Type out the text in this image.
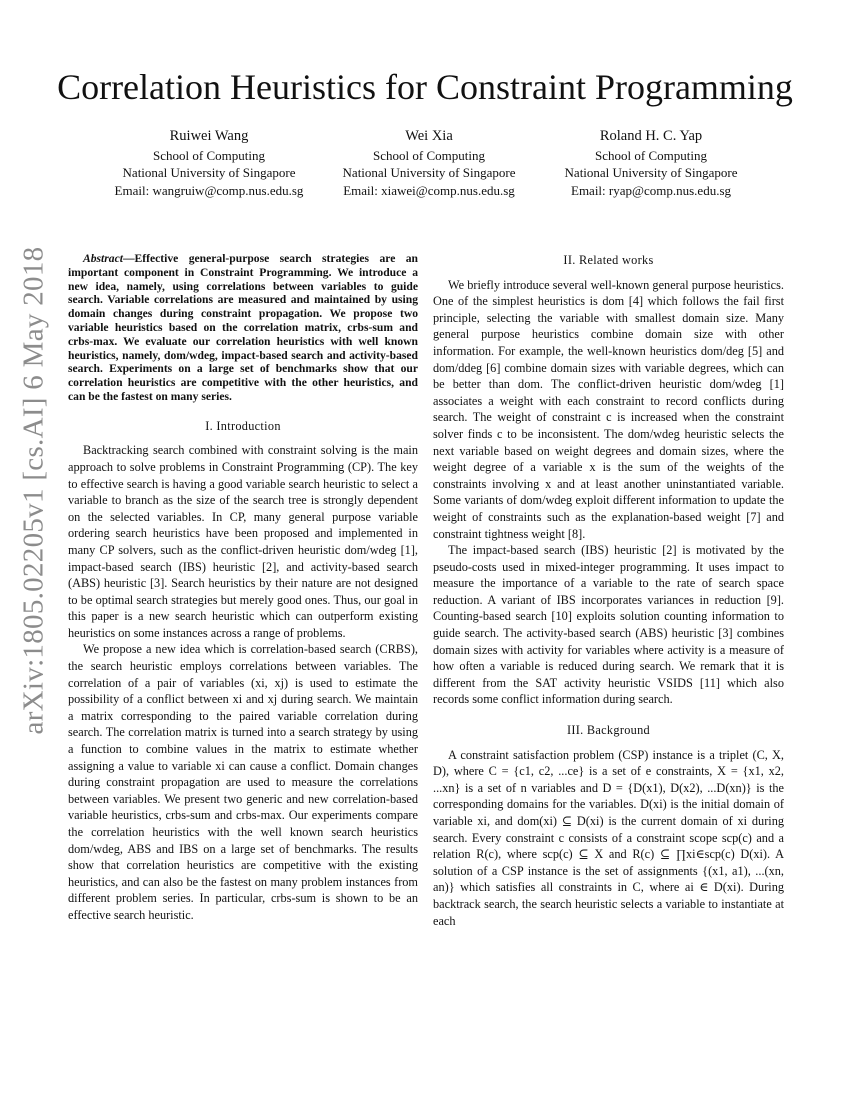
arXiv:1805.02205v1 [cs.AI] 6 May 2018
Correlation Heuristics for Constraint Programming
Ruiwei Wang
School of Computing
National University of Singapore
Email: wangruiw@comp.nus.edu.sg
Wei Xia
School of Computing
National University of Singapore
Email: xiawei@comp.nus.edu.sg
Roland H. C. Yap
School of Computing
National University of Singapore
Email: ryap@comp.nus.edu.sg

Abstract—Effective general-purpose search strategies are an important component in Constraint Programming. We introduce a new idea, namely, using correlations between variables to guide search. Variable correlations are measured and maintained by using domain changes during constraint propagation. We propose two variable heuristics based on the correlation matrix, crbs-sum and crbs-max. We evaluate our correlation heuristics with well known heuristics, namely, dom/wdeg, impact-based search and activity-based search. Experiments on a large set of benchmarks show that our correlation heuristics are competitive with the other heuristics, and can be the fastest on many series.

I. Introduction

Backtracking search combined with constraint solving is the main approach to solve problems in Constraint Programming (CP). The key to effective search is having a good variable search heuristic to select a variable to branch as the size of the search tree is strongly dependent on the selected variables. In CP, many general purpose variable ordering search heuristics have been proposed and implemented in many CP solvers, such as the conflict-driven heuristic dom/wdeg [1], impact-based search (IBS) heuristic [2], and activity-based search (ABS) heuristic [3]. Search heuristics by their nature are not designed to be optimal search strategies but merely good ones. Thus, our goal in this paper is a new search heuristic which can outperform existing heuristics on some instances across a range of problems.

We propose a new idea which is correlation-based search (CRBS), the search heuristic employs correlations between variables. The correlation of a pair of variables (xi, xj) is used to estimate the possibility of a conflict between xi and xj during search. We maintain a matrix corresponding to the paired variable correlation during search. The correlation matrix is turned into a search strategy by using a function to combine values in the matrix to estimate whether assigning a value to variable xi can cause a conflict. Domain changes during constraint propagation are used to measure the correlations between variables. We present two generic and new correlation-based variable heuristics, crbs-sum and crbs-max. Our experiments compare the correlation heuristics with the well known search heuristics dom/wdeg, ABS and IBS on a large set of benchmarks. The results show that correlation heuristics are competitive with the existing heuristics, and can also be the fastest on many problem instances from different problem series. In particular, crbs-sum is shown to be an effective search heuristic.

II. Related works

We briefly introduce several well-known general purpose heuristics. One of the simplest heuristics is dom [4] which follows the fail first principle, selecting the variable with smallest domain size. Many general purpose heuristics combine domain size with other information. For example, the well-known heuristics dom/deg [5] and dom/ddeg [6] combine domain sizes with variable degrees, which can be better than dom. The conflict-driven heuristic dom/wdeg [1] associates a weight with each constraint to record conflicts during search. The weight of constraint c is increased when the constraint solver finds c to be inconsistent. The dom/wdeg heuristic selects the next variable based on weight degrees and domain sizes, where the weight degree of a variable x is the sum of the weights of the constraints involving x and at least another uninstantiated variable. Some variants of dom/wdeg exploit different information to update the weight of constraints such as the explanation-based weight [7] and constraint tightness weight [8].

The impact-based search (IBS) heuristic [2] is motivated by the pseudo-costs used in mixed-integer programming. It uses impact to measure the importance of a variable to the rate of search space reduction. A variant of IBS incorporates variances in reduction [9]. Counting-based search [10] exploits solution counting information to guide search. The activity-based search (ABS) heuristic [3] combines domain sizes with activity for variables where activity is a measure of how often a variable is reduced during search. We remark that it is different from the SAT activity heuristic VSIDS [11] which also records some conflict information during search.

III. Background

A constraint satisfaction problem (CSP) instance is a triplet (C, X, D), where C = {c1, c2, ...ce} is a set of e constraints, X = {x1, x2, ...xn} is a set of n variables and D = {D(x1), D(x2), ...D(xn)} is the corresponding domains for the variables. D(xi) is the initial domain of variable xi, and dom(xi) ⊆ D(xi) is the current domain of xi during search. Every constraint c consists of a constraint scope scp(c) and a relation R(c), where scp(c) ⊆ X and R(c) ⊆ ∏xi∈scp(c) D(xi). A solution of a CSP instance is the set of assignments {(x1, a1), ...(xn, an)} which satisfies all constraints in C, where ai ∈ D(xi). During backtrack search, the search heuristic selects a variable to instantiate at each
